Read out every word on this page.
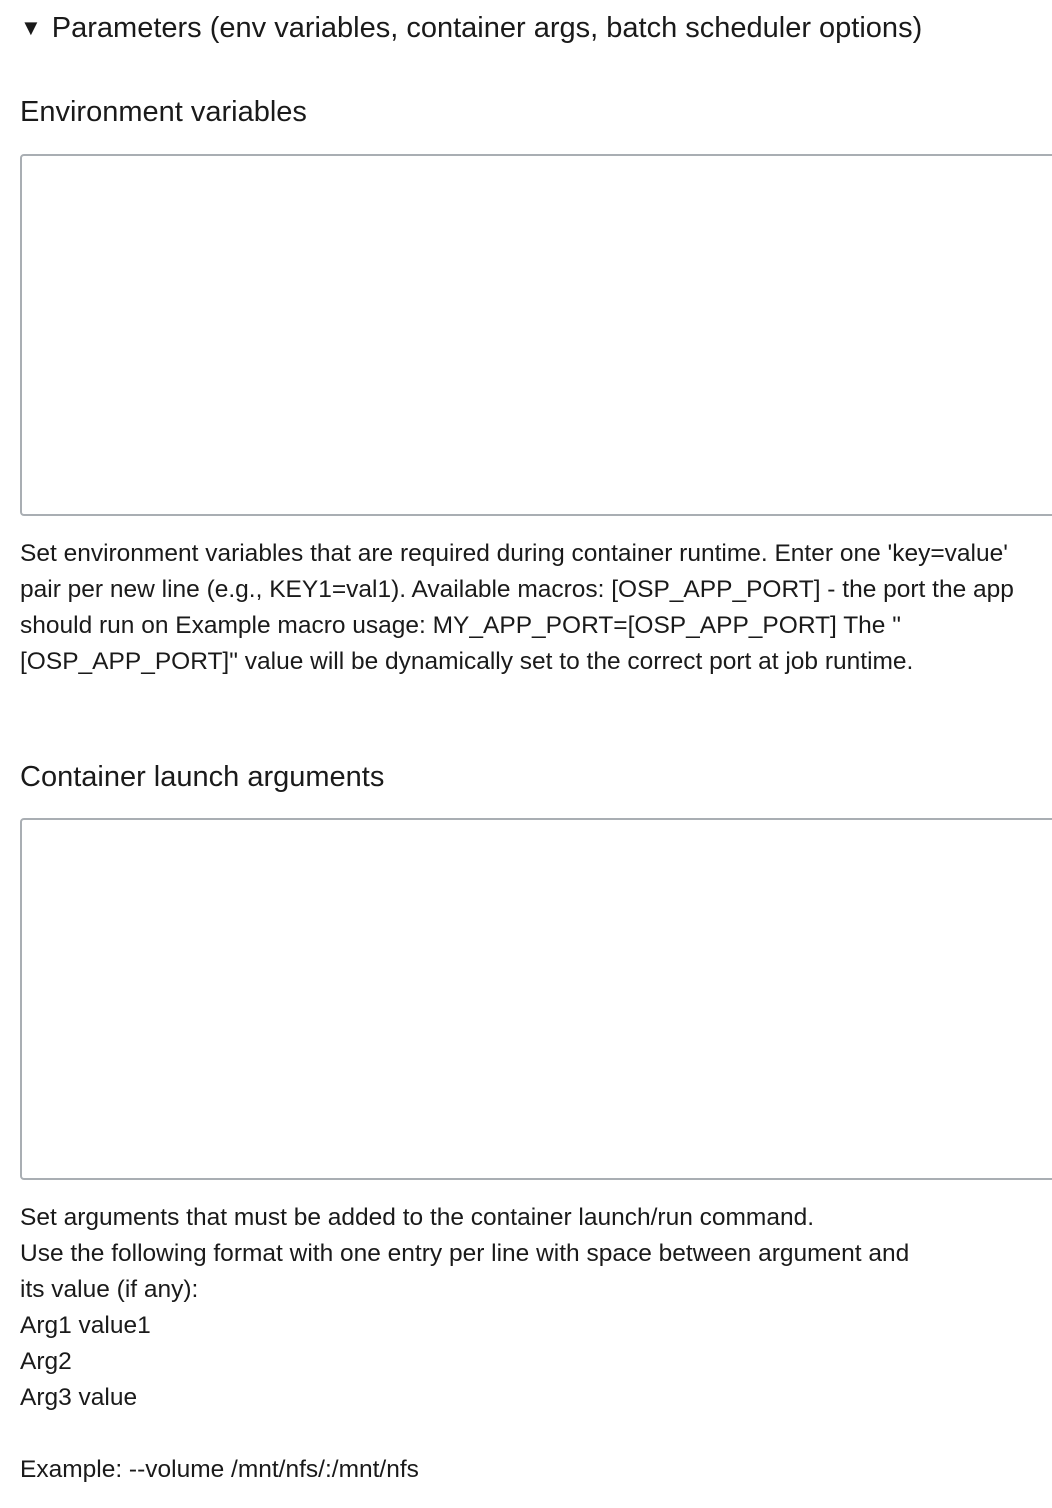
▼ Parameters (env variables, container args, batch scheduler options)
Environment variables

Set environment variables that are required during container runtime. Enter one 'key=value' pair per new line (e.g., KEY1=val1). Available macros: [OSP_APP_PORT] - the port the app should run on Example macro usage: MY_APP_PORT=[OSP_APP_PORT] The "[OSP_APP_PORT]" value will be dynamically set to the correct port at job runtime.

Container launch arguments
Set arguments that must be added to the container launch/run command.
Use the following format with one entry per line with space between argument and
its value (if any):
Arg1 value1
Arg2
Arg3 value
Example: --volume /mnt/nfs/:/mnt/nfs
